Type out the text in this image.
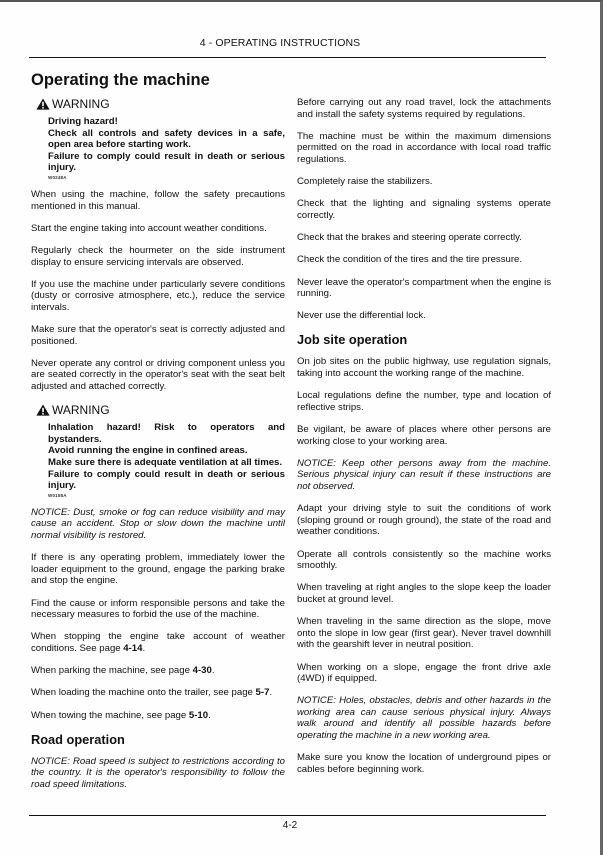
4 - OPERATING INSTRUCTIONS
Operating the machine
WARNING
Driving hazard!
Check all controls and safety devices in a safe, open area before starting work.
Failure to comply could result in death or serious injury.
W0248A

When using the machine, follow the safety precautions mentioned in this manual.

Start the engine taking into account weather conditions.

Regularly check the hourmeter on the side instrument display to ensure servicing intervals are observed.

If you use the machine under particularly severe conditions (dusty or corrosive atmosphere, etc.), reduce the service intervals.

Make sure that the operator's seat is correctly adjusted and positioned.

Never operate any control or driving component unless you are seated correctly in the operator's seat with the seat belt adjusted and attached correctly.

WARNING
Inhalation hazard! Risk to operators and bystanders.
Avoid running the engine in confined areas.
Make sure there is adequate ventilation at all times.
Failure to comply could result in death or serious injury.
W0158A

NOTICE: Dust, smoke or fog can reduce visibility and may cause an accident. Stop or slow down the machine until normal visibility is restored.

If there is any operating problem, immediately lower the loader equipment to the ground, engage the parking brake and stop the engine.

Find the cause or inform responsible persons and take the necessary measures to forbid the use of the machine.

When stopping the engine take account of weather conditions. See page 4-14.

When parking the machine, see page 4-30.

When loading the machine onto the trailer, see page 5-7.

When towing the machine, see page 5-10.

Road operation

NOTICE: Road speed is subject to restrictions according to the country. It is the operator's responsibility to follow the road speed limitations.

Before carrying out any road travel, lock the attachments and install the safety systems required by regulations.

The machine must be within the maximum dimensions permitted on the road in accordance with local road traffic regulations.

Completely raise the stabilizers.

Check that the lighting and signaling systems operate correctly.

Check that the brakes and steering operate correctly.

Check the condition of the tires and the tire pressure.

Never leave the operator's compartment when the engine is running.

Never use the differential lock.

Job site operation

On job sites on the public highway, use regulation signals, taking into account the working range of the machine.

Local regulations define the number, type and location of reflective strips.

Be vigilant, be aware of places where other persons are working close to your working area.

NOTICE: Keep other persons away from the machine. Serious physical injury can result if these instructions are not observed.

Adapt your driving style to suit the conditions of work (sloping ground or rough ground), the state of the road and weather conditions.

Operate all controls consistently so the machine works smoothly.

When traveling at right angles to the slope keep the loader bucket at ground level.

When traveling in the same direction as the slope, move onto the slope in low gear (first gear). Never travel downhill with the gearshift lever in neutral position.

When working on a slope, engage the front drive axle (4WD) if equipped.

NOTICE: Holes, obstacles, debris and other hazards in the working area can cause serious physical injury. Always walk around and identify all possible hazards before operating the machine in a new working area.

Make sure you know the location of underground pipes or cables before beginning work.

4-2
